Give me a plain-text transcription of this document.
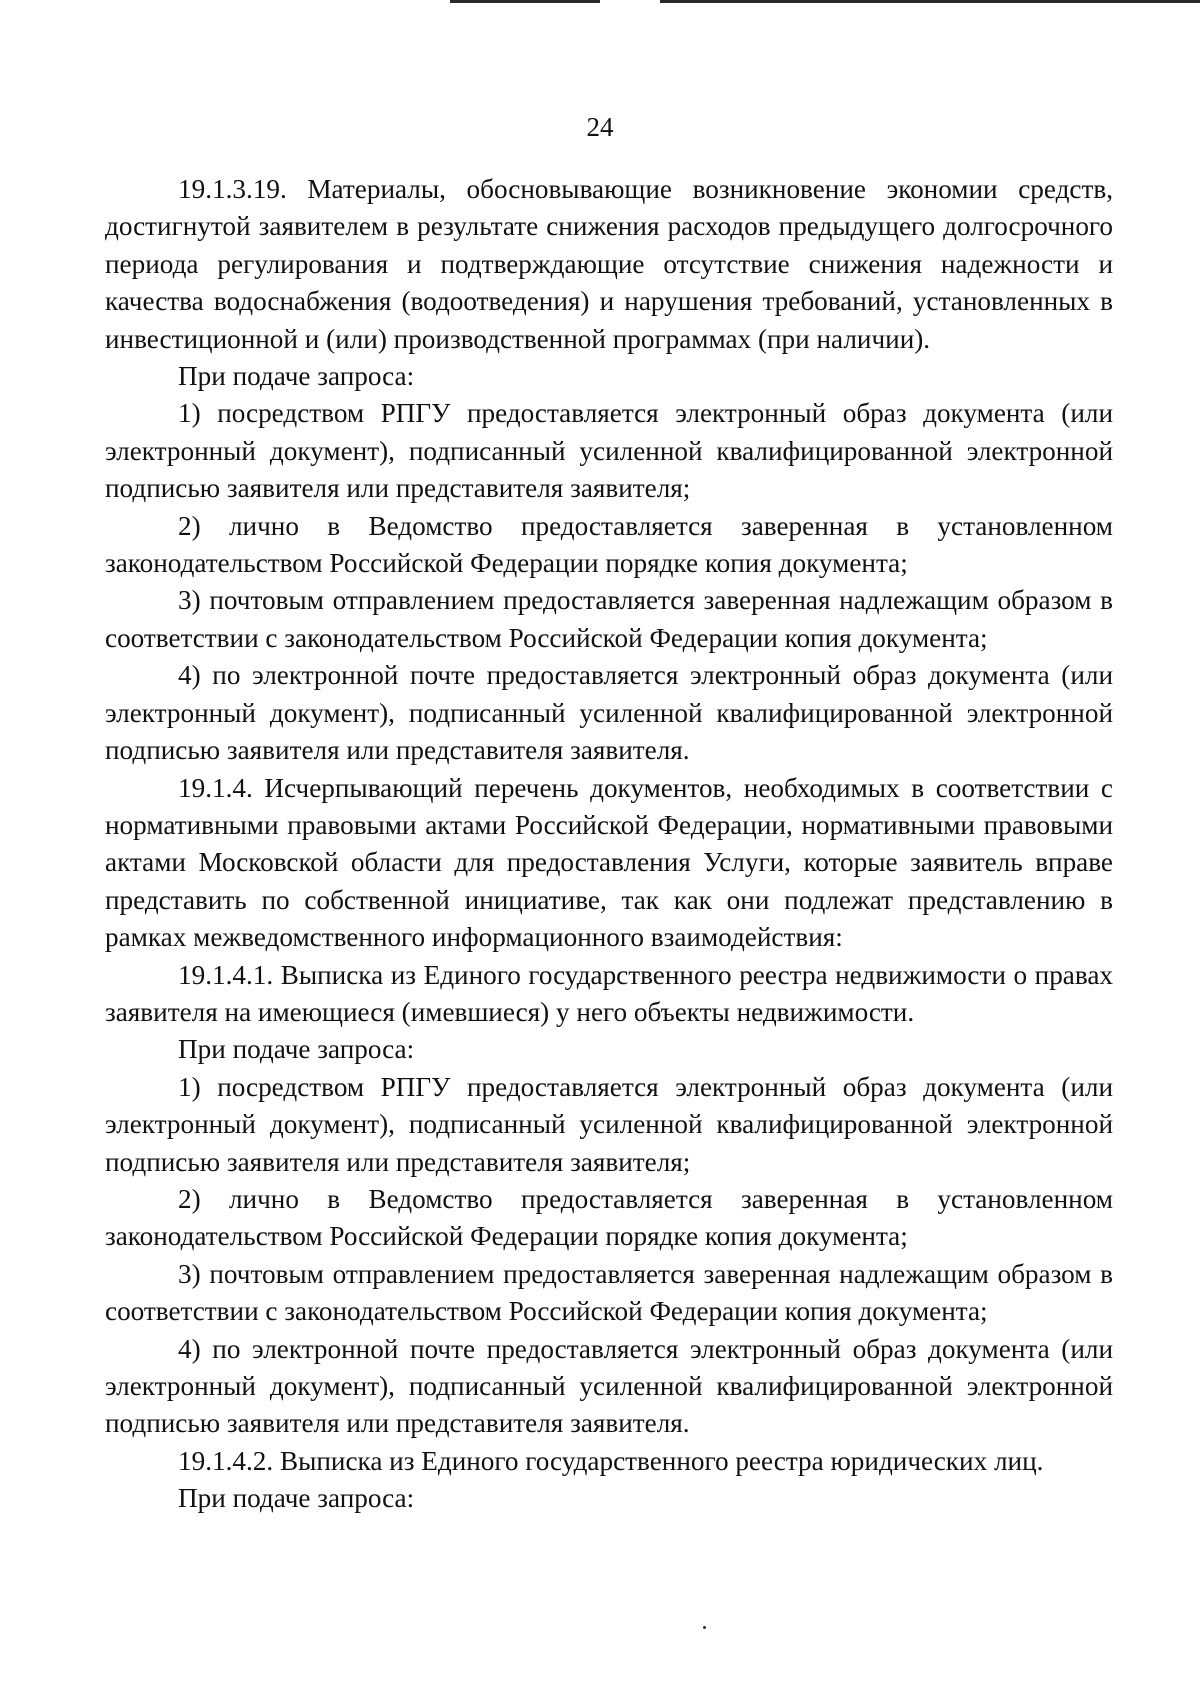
24

19.1.3.19. Материалы, обосновывающие возникновение экономии средств, достигнутой заявителем в результате снижения расходов предыдущего долгосрочного периода регулирования и подтверждающие отсутствие снижения надежности и качества водоснабжения (водоотведения) и нарушения требований, установленных в инвестиционной и (или) производственной программах (при наличии).

При подаче запроса:

1) посредством РПГУ предоставляется электронный образ документа (или электронный документ), подписанный усиленной квалифицированной электронной подписью заявителя или представителя заявителя;

2) лично в Ведомство предоставляется заверенная в установленном законодательством Российской Федерации порядке копия документа;

3) почтовым отправлением предоставляется заверенная надлежащим образом в соответствии с законодательством Российской Федерации копия документа;

4) по электронной почте предоставляется электронный образ документа (или электронный документ), подписанный усиленной квалифицированной электронной подписью заявителя или представителя заявителя.

19.1.4. Исчерпывающий перечень документов, необходимых в соответствии с нормативными правовыми актами Российской Федерации, нормативными правовыми актами Московской области для предоставления Услуги, которые заявитель вправе представить по собственной инициативе, так как они подлежат представлению в рамках межведомственного информационного взаимодействия:

19.1.4.1. Выписка из Единого государственного реестра недвижимости о правах заявителя на имеющиеся (имевшиеся) у него объекты недвижимости.

При подаче запроса:

1) посредством РПГУ предоставляется электронный образ документа (или электронный документ), подписанный усиленной квалифицированной электронной подписью заявителя или представителя заявителя;

2) лично в Ведомство предоставляется заверенная в установленном законодательством Российской Федерации порядке копия документа;

3) почтовым отправлением предоставляется заверенная надлежащим образом в соответствии с законодательством Российской Федерации копия документа;

4) по электронной почте предоставляется электронный образ документа (или электронный документ), подписанный усиленной квалифицированной электронной подписью заявителя или представителя заявителя.

19.1.4.2. Выписка из Единого государственного реестра юридических лиц.

При подаче запроса:
